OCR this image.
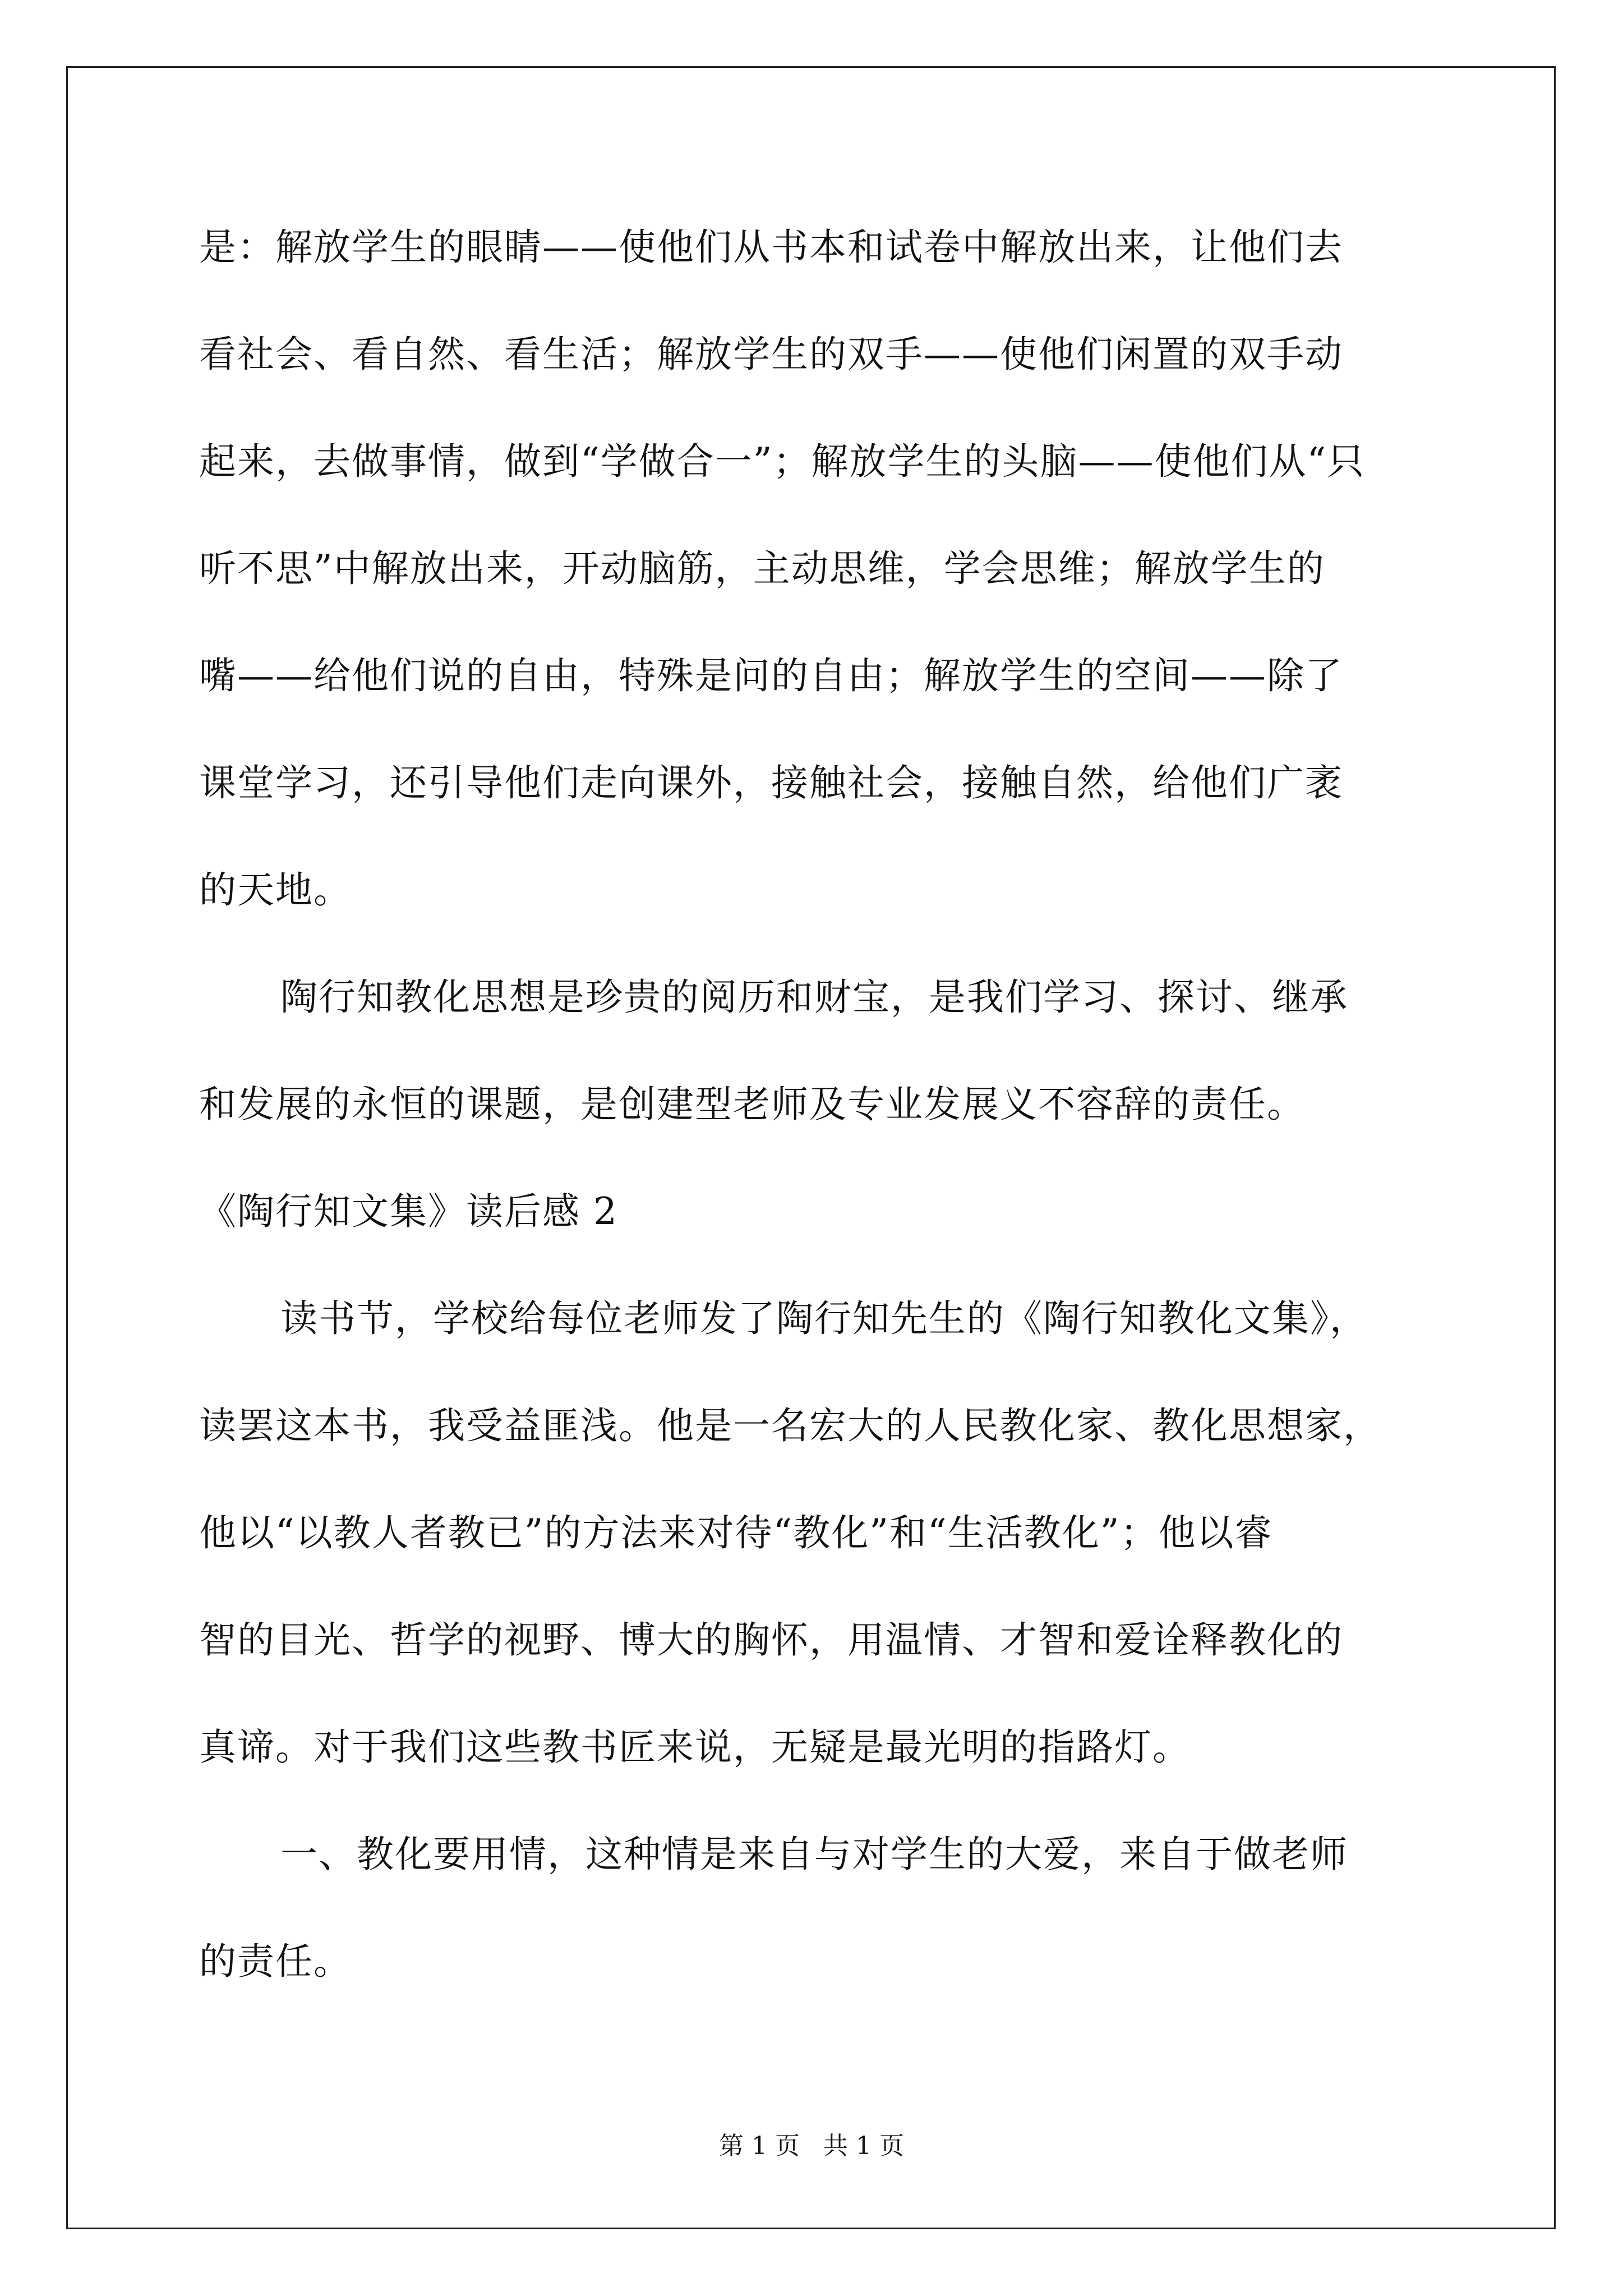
是：解放学生的眼睛——使他们从书本和试卷中解放出来，让他们去
看社会、看自然、看生活；解放学生的双手——使他们闲置的双手动
起来，去做事情，做到“学做合一”；解放学生的头脑——使他们从“只
听不思”中解放出来，开动脑筋，主动思维，学会思维；解放学生的
嘴——给他们说的自由，特殊是问的自由；解放学生的空间——除了
课堂学习，还引导他们走向课外，接触社会，接触自然，给他们广袤
的天地。
陶行知教化思想是珍贵的阅历和财宝，是我们学习、探讨、继承
和发展的永恒的课题，是创建型老师及专业发展义不容辞的责任。
《陶行知文集》读后感 2
读书节，学校给每位老师发了陶行知先生的《陶行知教化文集》，
读罢这本书，我受益匪浅。他是一名宏大的人民教化家、教化思想家，
他以“以教人者教已”的方法来对待“教化”和“生活教化”；他以睿
智的目光、哲学的视野、博大的胸怀，用温情、才智和爱诠释教化的
真谛。对于我们这些教书匠来说，无疑是最光明的指路灯。
一、教化要用情，这种情是来自与对学生的大爱，来自于做老师
的责任。
第 1 页   共 1 页
